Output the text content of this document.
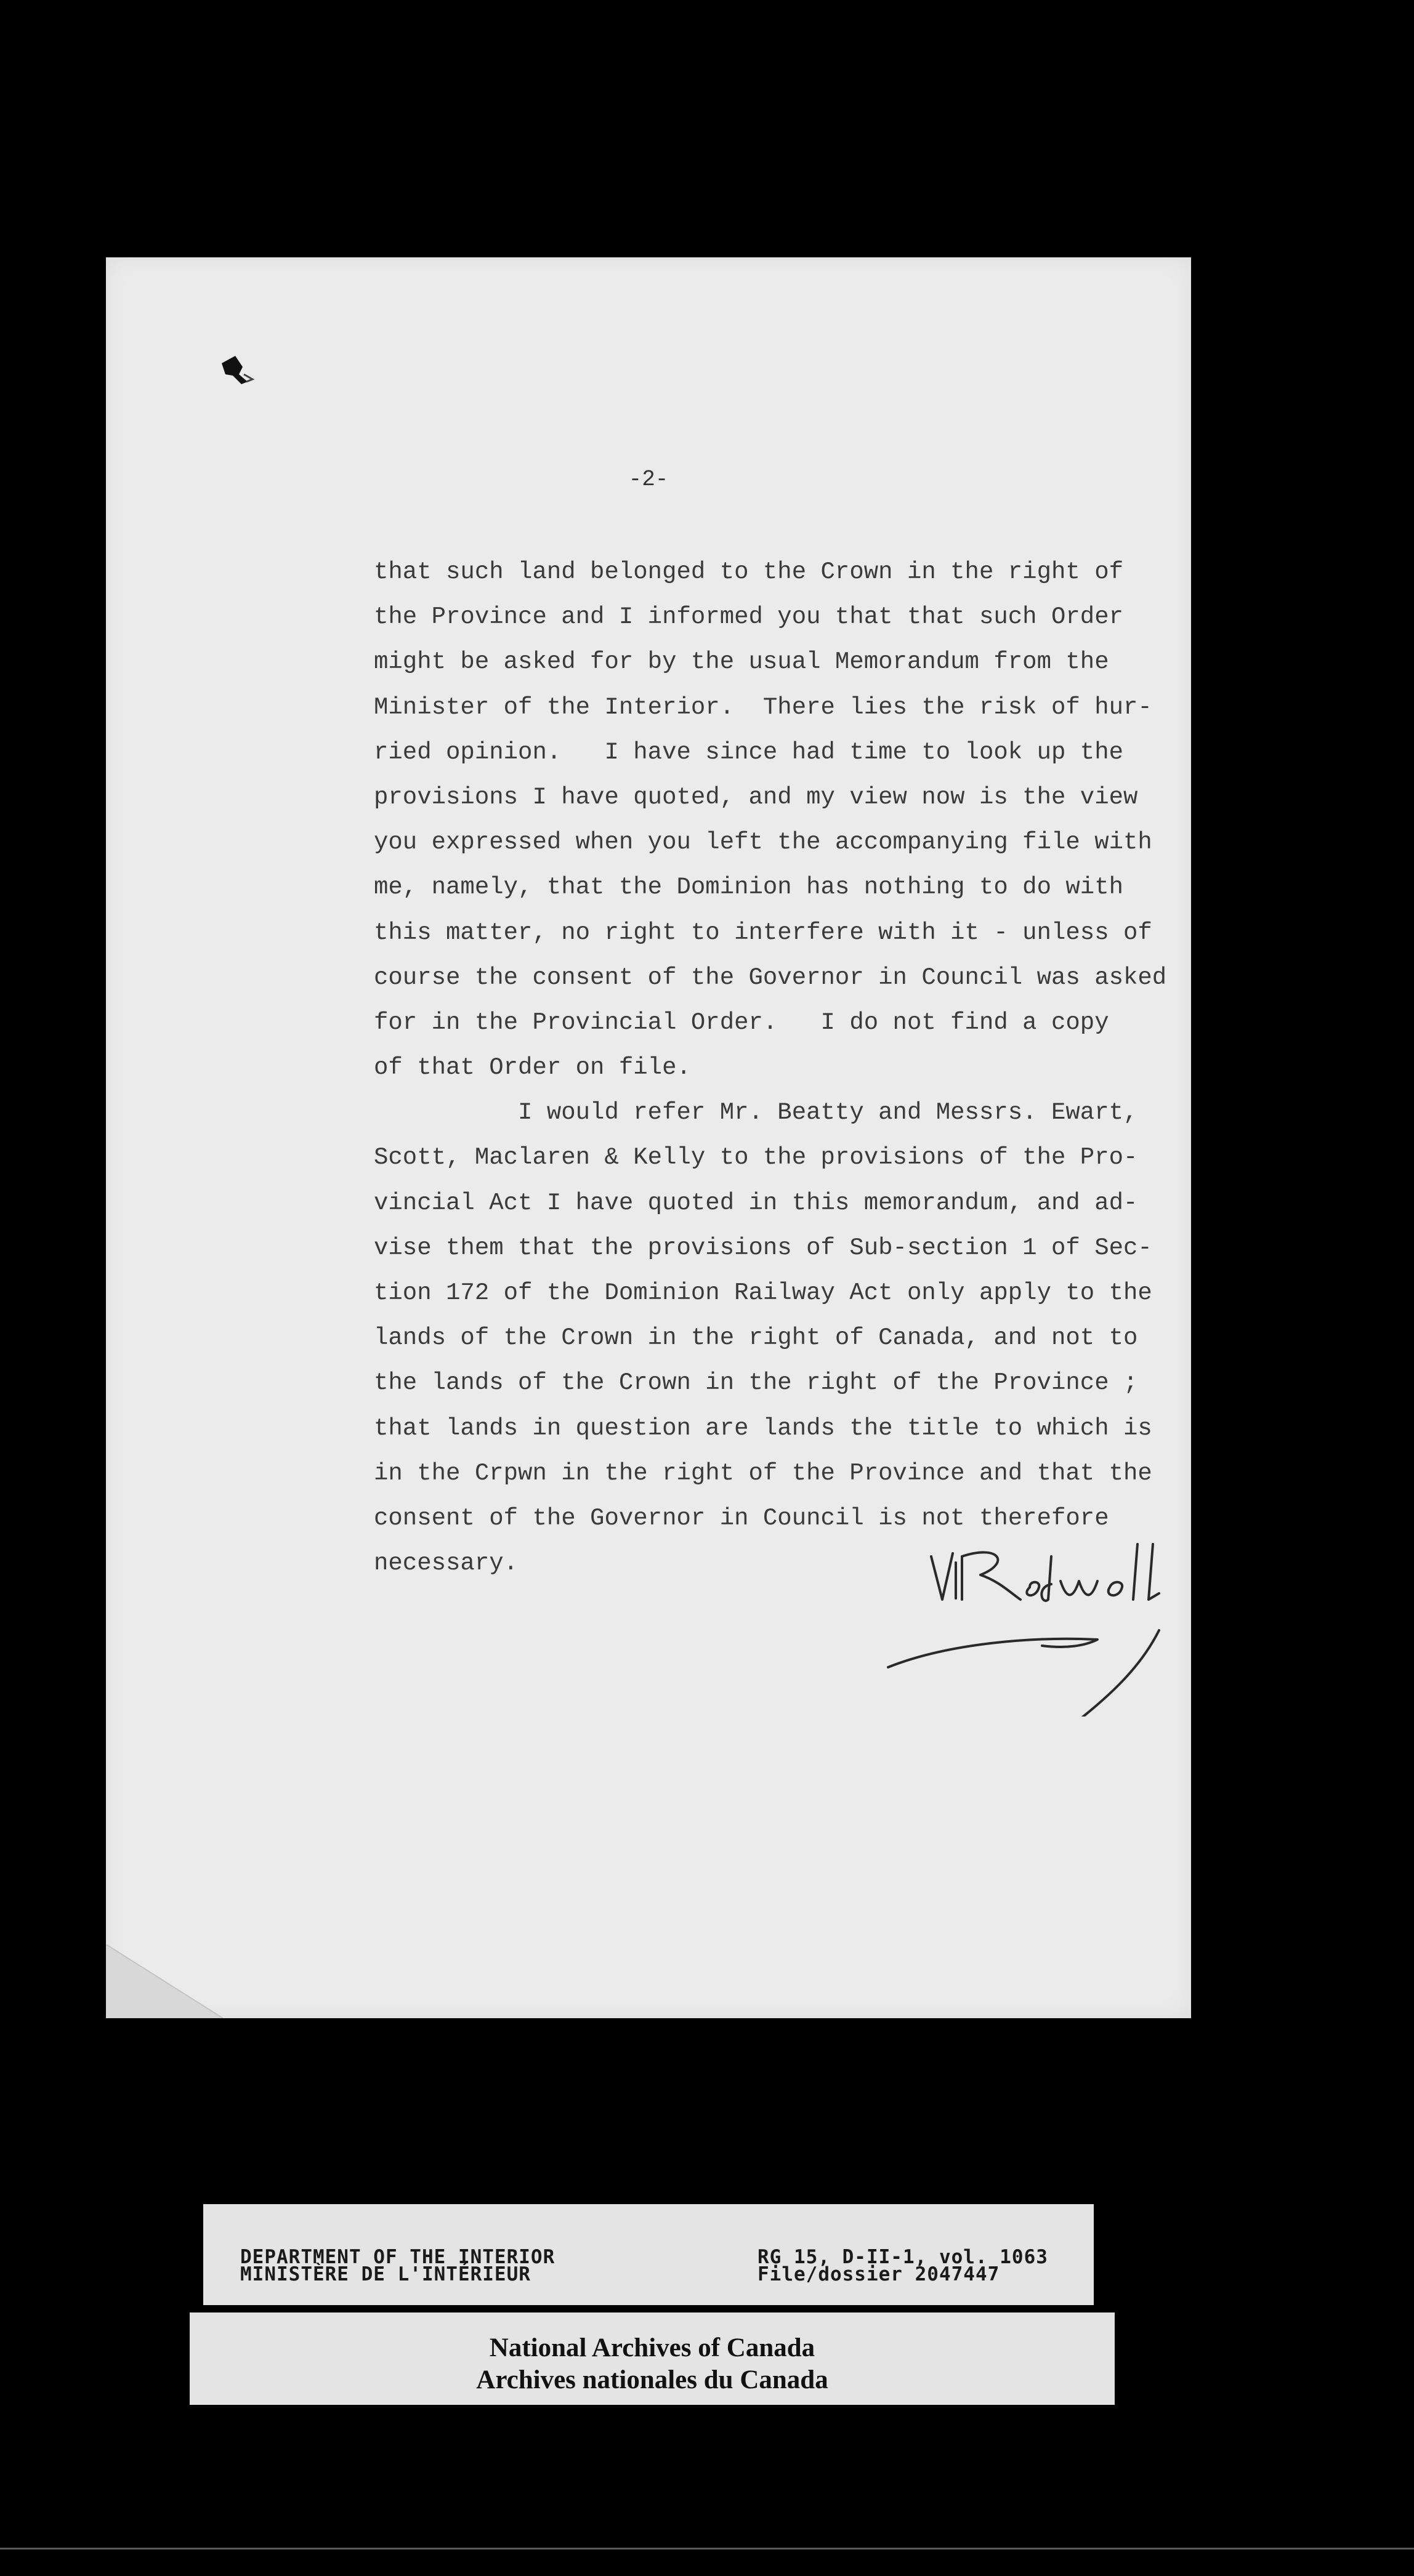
-2-
that such land belonged to the Crown in the right of
the Province and I informed you that that such Order
might be asked for by the usual Memorandum from the
Minister of the Interior.  There lies the risk of hur-
ried opinion.   I have since had time to look up the
provisions I have quoted, and my view now is the view
you expressed when you left the accompanying file with
me, namely, that the Dominion has nothing to do with
this matter, no right to interfere with it - unless of
course the consent of the Governor in Council was asked
for in the Provincial Order.   I do not find a copy
of that Order on file.
I would refer Mr. Beatty and Messrs. Ewart,
Scott, Maclaren & Kelly to the provisions of the Pro-
vincial Act I have quoted in this memorandum, and ad-
vise them that the provisions of Sub-section 1 of Sec-
tion 172 of the Dominion Railway Act only apply to the
lands of the Crown in the right of Canada, and not to
the lands of the Crown in the right of the Province ;
that lands in question are lands the title to which is
in the Crpwn in the right of the Province and that the
consent of the Governor in Council is not therefore
necessary.
DEPARTMENT OF THE INTERIOR
MINISTÈRE DE L'INTÉRIEUR
RG 15, D-II-1, vol. 1063
File/dossier 2047447
National Archives of Canada
Archives nationales du Canada
